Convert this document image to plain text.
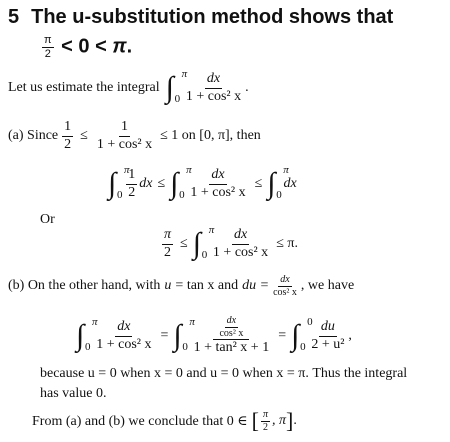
5 The u-substitution method shows that
$\frac{\pi}{2} < 0 < \pi$.
Let us estimate the integral ∫ π
$0 \frac{dx}{\text{1 + cos² x}}$ .
(a) Since $\frac{1}{2} \le \frac{1}{\text{1 + cos² x}} \le 1$ on [0, π], then
∫ π
$0 \frac{1}{2}$ dx ≤ ∫ π
$0 \frac{dx}{\text{1 + cos² x}}$ ≤ ∫ π
0
dx
Or
$\frac{\pi}{2}$ ≤ ∫ π
$0 \frac{dx}{\text{1 + cos² x}} \le \pi$.
(b) On the other hand, with u = tan x and du = $\frac{dx}{\text{cos² x}}$ , we have
∫ π
$0 \frac{dx}{\text{1 + cos² x}}$ = ∫ π
$0 \frac{\frac{dx}{\text{cos² x}}}{\text{1 + tan² x + 1}}$ = ∫ 0
$0 \frac{du}{\text{2 + u²}}$ ,
because u = 0 when x = 0 and u = 0 when x = π. Thus the integral
has value 0.
From (a) and (b) we conclude that 0 ∈ [ $\frac{\pi}{2}$ , π ] .
